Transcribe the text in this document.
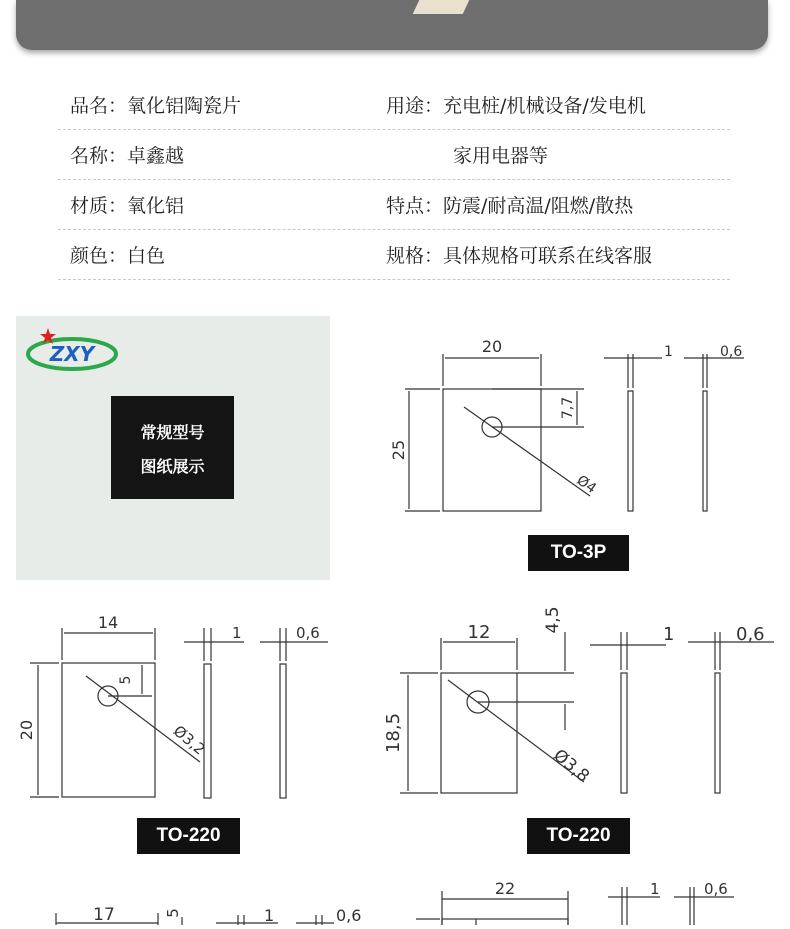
品名：氧化铝陶瓷片	用途：充电桩/机械设备/发电机
名称：卓鑫越	家用电器等
材质：氧化铝	特点：防震/耐高温/阻燃/散热
颜色：白色	规格：具体规格可联系在线客服
ZXY
常规型号
图纸展示
20
25
7,7
Ø4
1	0,6
TO-3P
14
20
5
Ø3,2
1	0,6
TO-220
12
18,5
4,5
Ø3,8
1	0,6
TO-220
17	5	1	0,6
22	1	0,6
